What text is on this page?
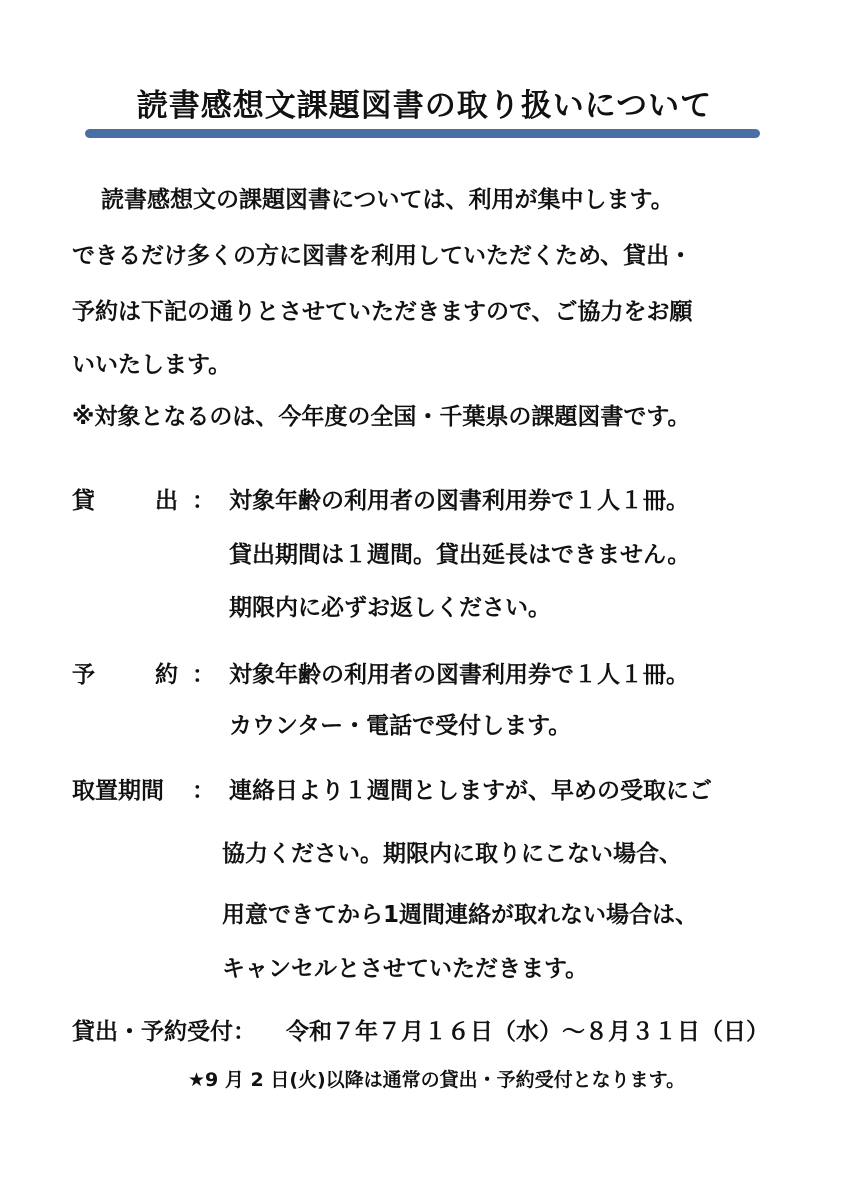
読書感想文課題図書の取り扱いについて
読書感想文の課題図書については、利用が集中します。
できるだけ多くの方に図書を利用していただくため、貸出・
予約は下記の通りとさせていただきますので、ご協力をお願
いいたします。
※対象となるのは、今年度の全国・千葉県の課題図書です。
貸	出 ： 対象年齢の利用者の図書利用券で１人１冊。
貸出期間は１週間。貸出延長はできません。
期限内に必ずお返しください。
予	約 ： 対象年齢の利用者の図書利用券で１人１冊。
カウンター・電話で受付します。
取置期間 ： 連絡日より１週間としますが、早めの受取にご
協力ください。期限内に取りにこない場合、
用意できてから1週間連絡が取れない場合は、
キャンセルとさせていただきます。
貸出・予約受付： 令和７年７月１６日（水）～８月３１日（日）
★9 月 2 日(火)以降は通常の貸出・予約受付となります。
